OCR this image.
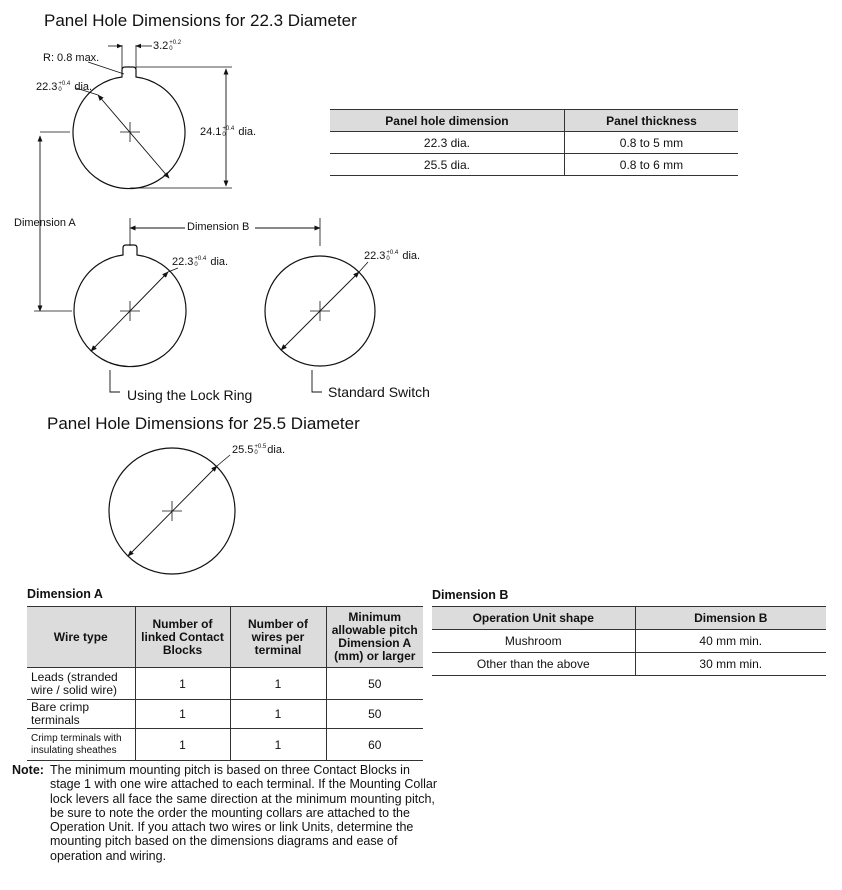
Panel Hole Dimensions for 22.3 Diameter
Panel Hole Dimensions for 25.5 Diameter
R: 0.8 max.
3.2 +0.2
0
22.3 +0.4
0	dia.
24.1 +0.4
0	dia.
Dimension A	Dimension B
22.3 +0.4
0	dia.	22.3 +0.4
0	dia.
Using the Lock Ring	Standard Switch
25.5 +0.5
0 dia.
Panel hole dimension	Panel thickness
22.3 dia.	0.8 to 5 mm
25.5 dia.	0.8 to 6 mm
Dimension A
Wire type	Number of linked Contact Blocks	Number of wires per terminal	Minimum allowable pitch Dimension A (mm) or larger
Leads (stranded wire / solid wire)	1	1	50
Bare crimp terminals	1	1	50
Crimp terminals with insulating sheathes	1	1	60
Dimension B
Operation Unit shape	Dimension B
Mushroom	40 mm min.
Other than the above	30 mm min.
Note: The minimum mounting pitch is based on three Contact Blocks in stage 1 with one wire attached to each terminal. If the Mounting Collar lock levers all face the same direction at the minimum mounting pitch, be sure to note the order the mounting collars are attached to the Operation Unit. If you attach two wires or link Units, determine the mounting pitch based on the dimensions diagrams and ease of operation and wiring.
